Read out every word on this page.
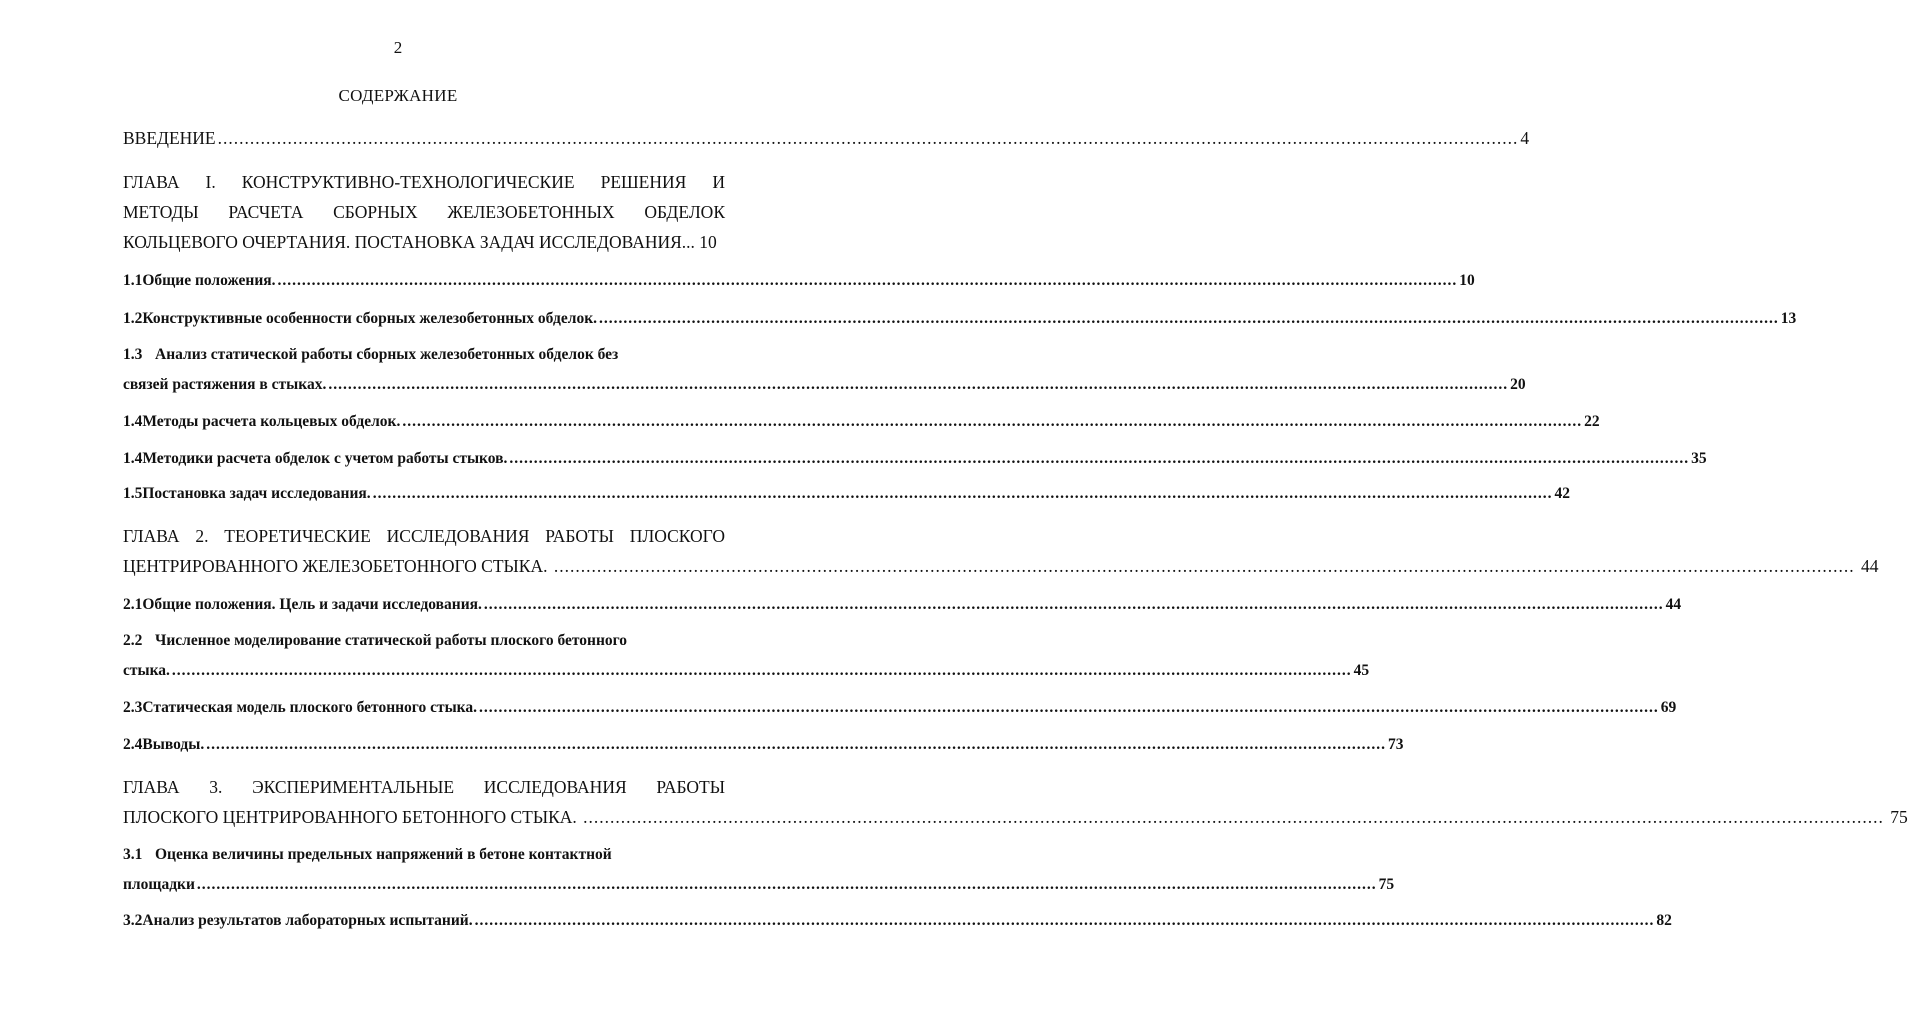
2
СОДЕРЖАНИЕ
ВВЕДЕНИЕ .....	4
ГЛАВА I. КОНСТРУКТИВНО-ТЕХНОЛОГИЧЕСКИЕ РЕШЕНИЯ И
МЕТОДЫ РАСЧЕТА СБОРНЫХ ЖЕЛЕЗОБЕТОННЫХ ОБДЕЛОК
КОЛЬЦЕВОГО ОЧЕРТАНИЯ. ПОСТАНОВКА ЗАДАЧ ИССЛЕДОВАНИЯ... 10
1.1 Общие положения. .....	10
1.2 Конструктивные особенности сборных железобетонных обделок. .....	13
1.3 Анализ статической работы сборных железобетонных обделок без
связей растяжения в стыках. .....	20
1.4 Методы расчета кольцевых обделок. .....	22
1.4 Методики расчета обделок с учетом работы стыков. .....	35
1.5 Постановка задач исследования. .....	42
ГЛАВА 2. ТЕОРЕТИЧЕСКИЕ ИССЛЕДОВАНИЯ РАБОТЫ ПЛОСКОГО
ЦЕНТРИРОВАННОГО ЖЕЛЕЗОБЕТОННОГО СТЫКА. .....	44
2.1 Общие положения. Цель и задачи исследования. .....	44
2.2 Численное моделирование статической работы плоского бетонного
стыка. .....	45
2.3 Статическая модель плоского бетонного стыка. .....	69
2.4 Выводы. .....	73
ГЛАВА 3. ЭКСПЕРИМЕНТАЛЬНЫЕ ИССЛЕДОВАНИЯ РАБОТЫ
ПЛОСКОГО ЦЕНТРИРОВАННОГО БЕТОННОГО СТЫКА. .....	75
3.1 Оценка величины предельных напряжений в бетоне контактной
площадки .....	75
3.2 Анализ результатов лабораторных испытаний. .....	82
